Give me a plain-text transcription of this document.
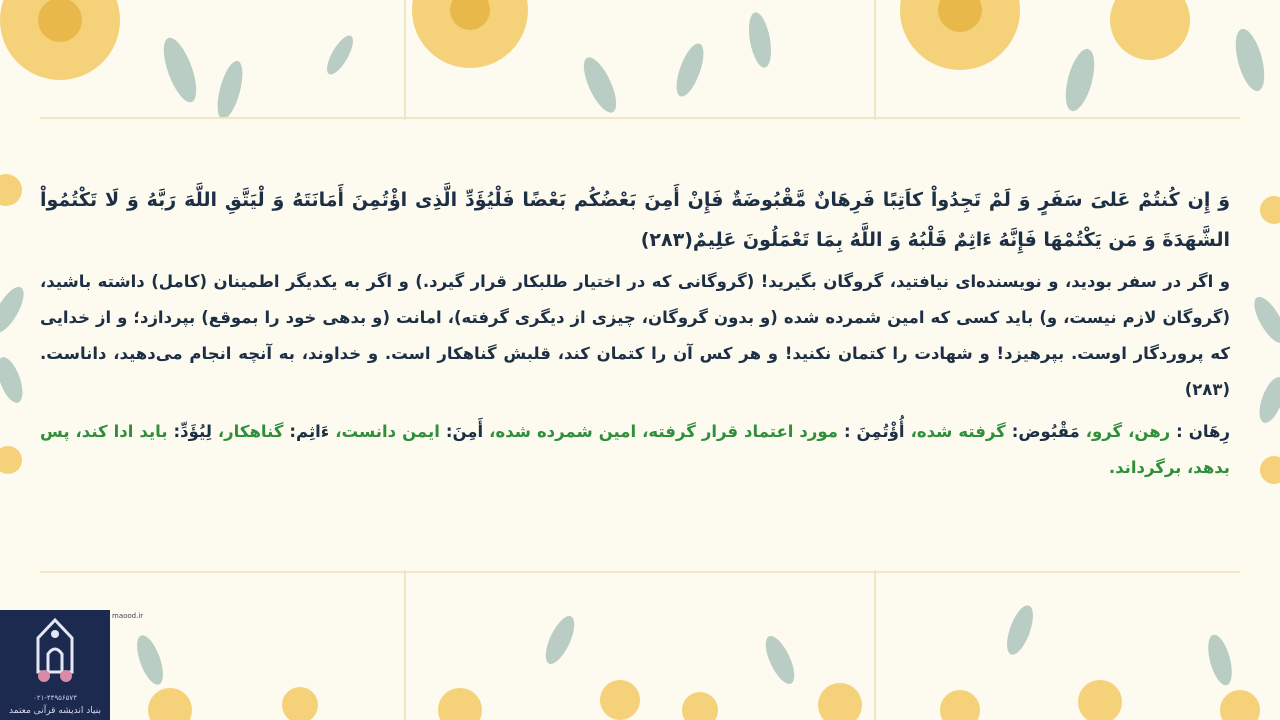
وَ إِن كُنتُمْ عَلىَ سَفَرٍ وَ لَمْ تَجِدُواْ كاَتِبًا فَرِهَانٌ مَّقْبُوضَةٌ فَإِنْ أَمِنَ بَعْضُكُم بَعْضًا فَلْيُؤَدِّ الَّذِى اؤْتُمِنَ أَمَانَتَهُ وَ لْيَتَّقِ اللَّهَ رَبَّهُ وَ لَا تَكْتُمُواْ الشَّهَدَةَ وَ مَن يَكْتُمْهَا فَإِنَّهُ ءَاثِمٌ قَلْبُهُ وَ اللَّهُ بِمَا تَعْمَلُونَ عَلِيمٌ(۲۸۳)

و اگر در سفر بودید، و نویسنده‌ای نیافتید، گروگان بگیرید! (گروگانی که در اختیار طلبکار قرار گیرد.) و اگر به یکدیگر اطمینان (کامل) داشته باشید، (گروگان لازم نیست، و) باید کسی که امین شمرده شده (و بدون گروگان، چیزی از دیگری گرفته)، امانت (و بدهی خود را بموقع) بپردازد؛ و از خدایی که پروردگار اوست. بپرهیزد! و شهادت را کتمان نکنید! و هر کس آن را کتمان کند، قلبش گناهکار است. و خداوند، به آنچه انجام می‌دهید، داناست. (۲۸۳)

رِهَان : رهن، گرو، مَقْبُوض: گرفته شده، أُؤْتُمِنَ : مورد اعتماد قرار گرفته، امین شمرده شده، أَمِنَ: ایمن دانست، ءَاثِم: گناهکار، لِيُؤَدِّ: باید ادا کند، پس بدهد، برگرداند.

۰۲۱-۴۴۹۵۶۵۷۳
بنیاد اندیشه قرآنی معتمد
maood.ir
